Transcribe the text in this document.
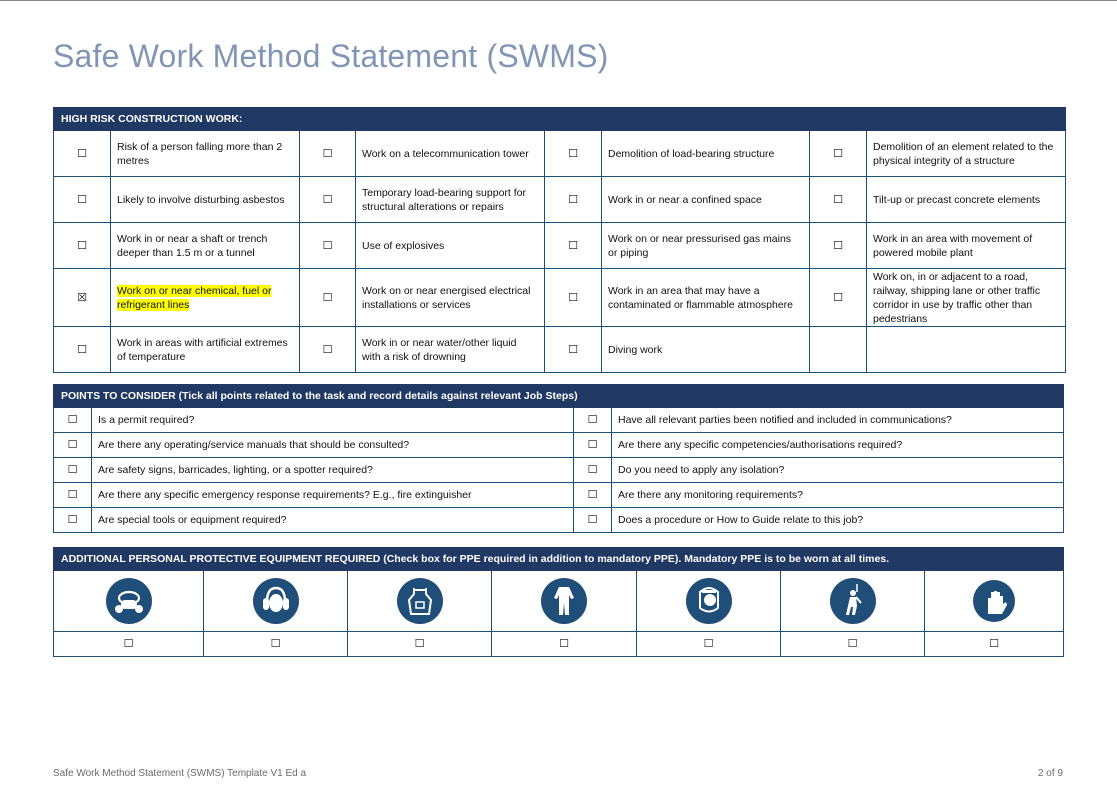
Safe Work Method Statement (SWMS)
HIGH RISK CONSTRUCTION WORK:							
☐	Risk of a person falling more than 2 metres	☐	Work on a telecommunication tower	☐	Demolition of load-bearing structure	☐	Demolition of an element related to the physical integrity of a structure
☐	Likely to involve disturbing asbestos	☐	Temporary load-bearing support for structural alterations or repairs	☐	Work in or near a confined space	☐	Tilt-up or precast concrete elements
☐	Work in or near a shaft or trench deeper than 1.5 m or a tunnel	☐	Use of explosives	☐	Work on or near pressurised gas mains or piping	☐	Work in an area with movement of powered mobile plant
☒	Work on or near chemical, fuel or refrigerant lines	☐	Work on or near energised electrical installations or services	☐	Work in an area that may have a contaminated or flammable atmosphere	☐	Work on, in or adjacent to a road, railway, shipping lane or other traffic corridor in use by traffic other than pedestrians
☐	Work in areas with artificial extremes of temperature	☐	Work in or near water/other liquid with a risk of drowning	☐	Diving work		
POINTS TO CONSIDER (Tick all points related to the task and record details against relevant Job Steps)			
☐	Is a permit required?	☐	Have all relevant parties been notified and included in communications?
☐	Are there any operating/service manuals that should be consulted?	☐	Are there any specific competencies/authorisations required?
☐	Are safety signs, barricades, lighting, or a spotter required?	☐	Do you need to apply any isolation?
☐	Are there any specific emergency response requirements? E.g., fire extinguisher	☐	Are there any monitoring requirements?
☐	Are special tools or equipment required?	☐	Does a procedure or How to Guide relate to this job?
ADDITIONAL PERSONAL PROTECTIVE EQUIPMENT REQUIRED (Check box for PPE required in addition to mandatory PPE). Mandatory PPE is to be worn at all times.						

☐	☐	☐	☐	☐	☐	☐
Safe Work Method Statement (SWMS) Template V1 Ed a	2 of 9
